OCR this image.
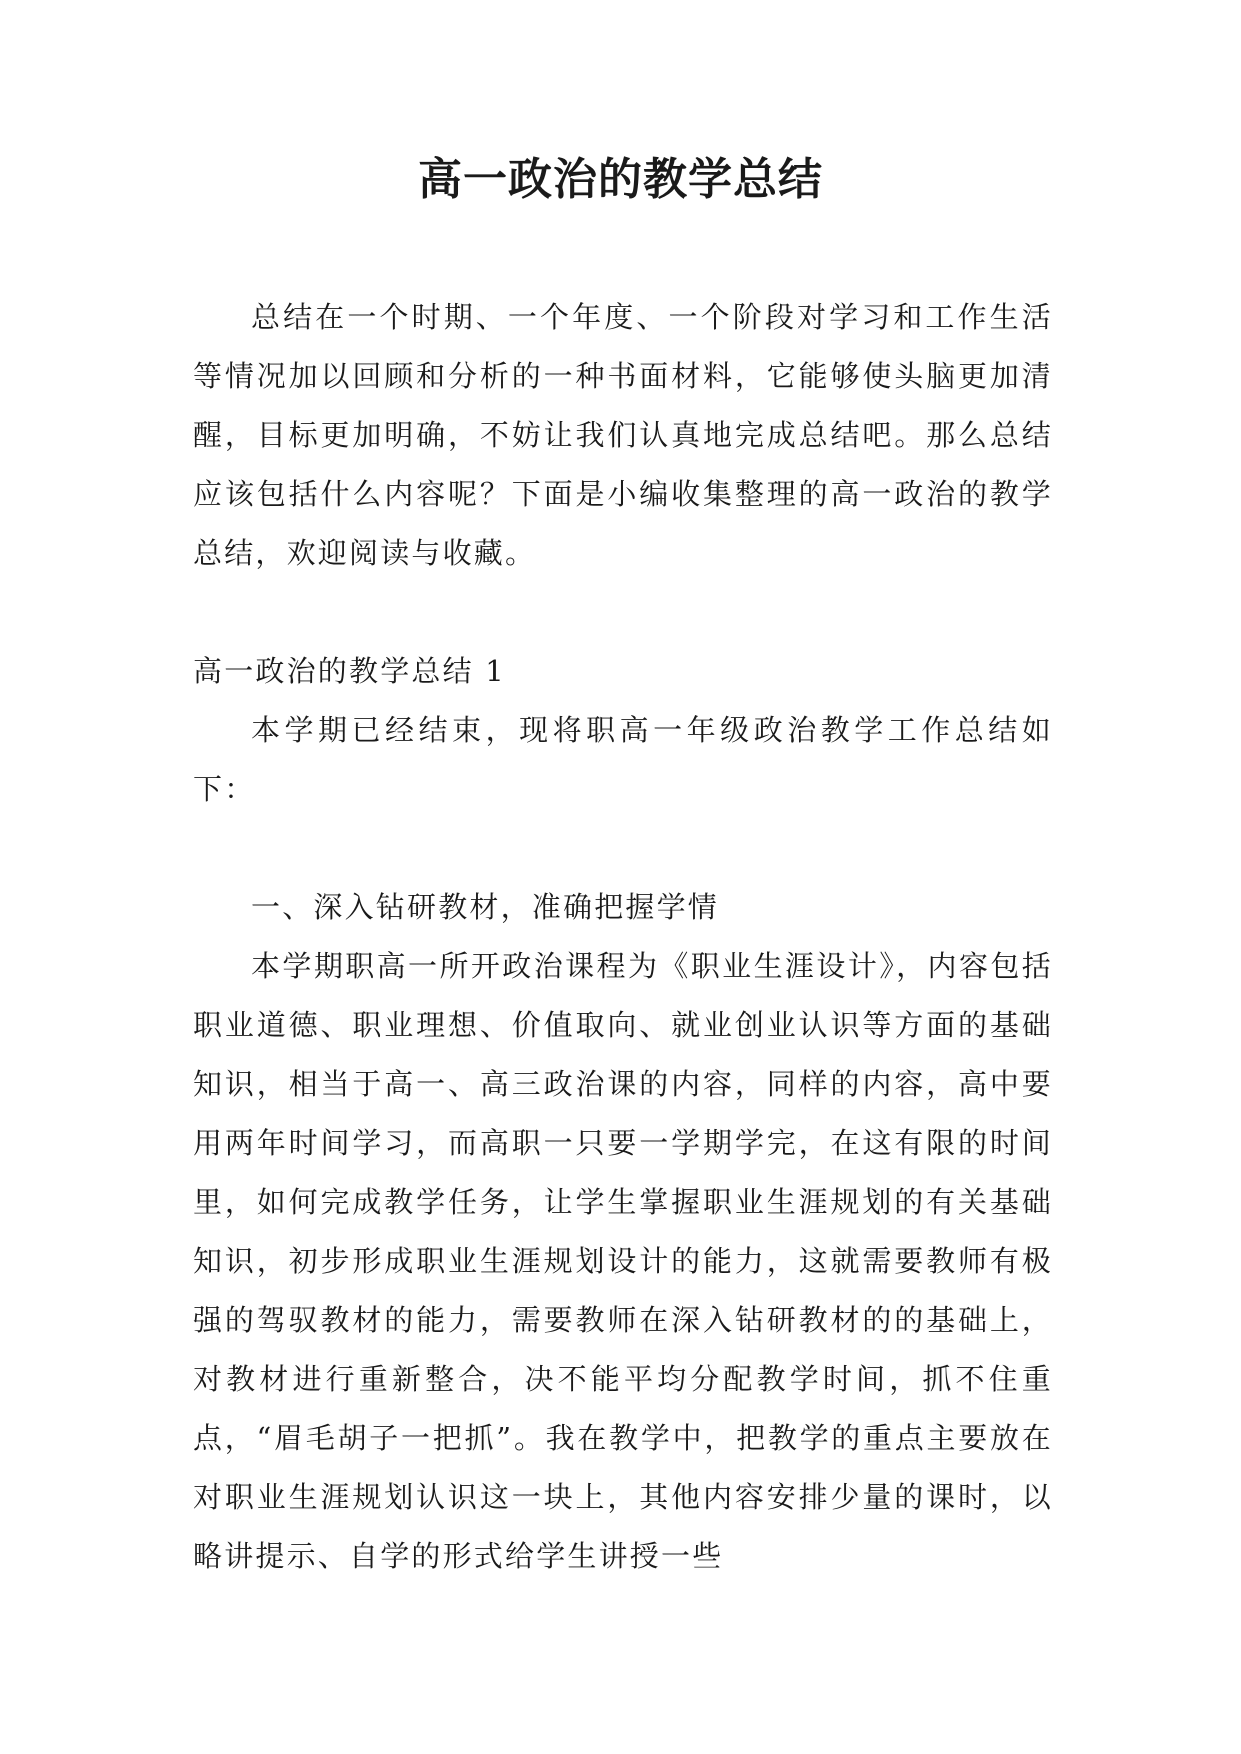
高一政治的教学总结

总结在一个时期、一个年度、一个阶段对学习和工作生活等情况加以回顾和分析的一种书面材料，它能够使头脑更加清醒，目标更加明确，不妨让我们认真地完成总结吧。那么总结应该包括什么内容呢？下面是小编收集整理的高一政治的教学总结，欢迎阅读与收藏。

高一政治的教学总结 1

本学期已经结束，现将职高一年级政治教学工作总结如下：

一、深入钻研教材，准确把握学情

本学期职高一所开政治课程为《职业生涯设计》，内容包括职业道德、职业理想、价值取向、就业创业认识等方面的基础知识，相当于高一、高三政治课的内容，同样的内容，高中要用两年时间学习，而高职一只要一学期学完，在这有限的时间里，如何完成教学任务，让学生掌握职业生涯规划的有关基础知识，初步形成职业生涯规划设计的能力，这就需要教师有极强的驾驭教材的能力，需要教师在深入钻研教材的的基础上，对教材进行重新整合，决不能平均分配教学时间，抓不住重点，“眉毛胡子一把抓”。我在教学中，把教学的重点主要放在对职业生涯规划认识这一块上，其他内容安排少量的课时，以略讲提示、自学的形式给学生讲授一些
